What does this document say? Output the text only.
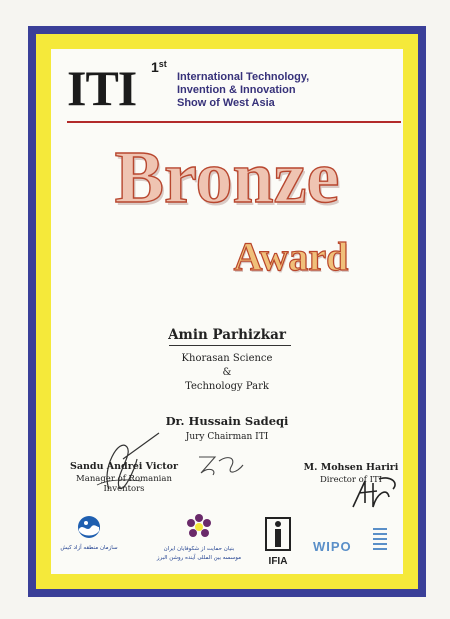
ITI 1st
International Technology,
Invention & Innovation
Show of West Asia
Bronze
Award
Amin Parhizkar
Khorasan Science
&
Technology Park
Dr. Hussain Sadeqi
Jury Chairman ITI
Sandu Andrei Victor
Manager of Romanian Inventors
M. Mohsen Hariri
Director of ITI
سازمان منطقه آزاد کیش	بنیان حمایت از شکوفایان ایران
موسسه بین المللی آینده روشن البرز	IFIA
WIPO
